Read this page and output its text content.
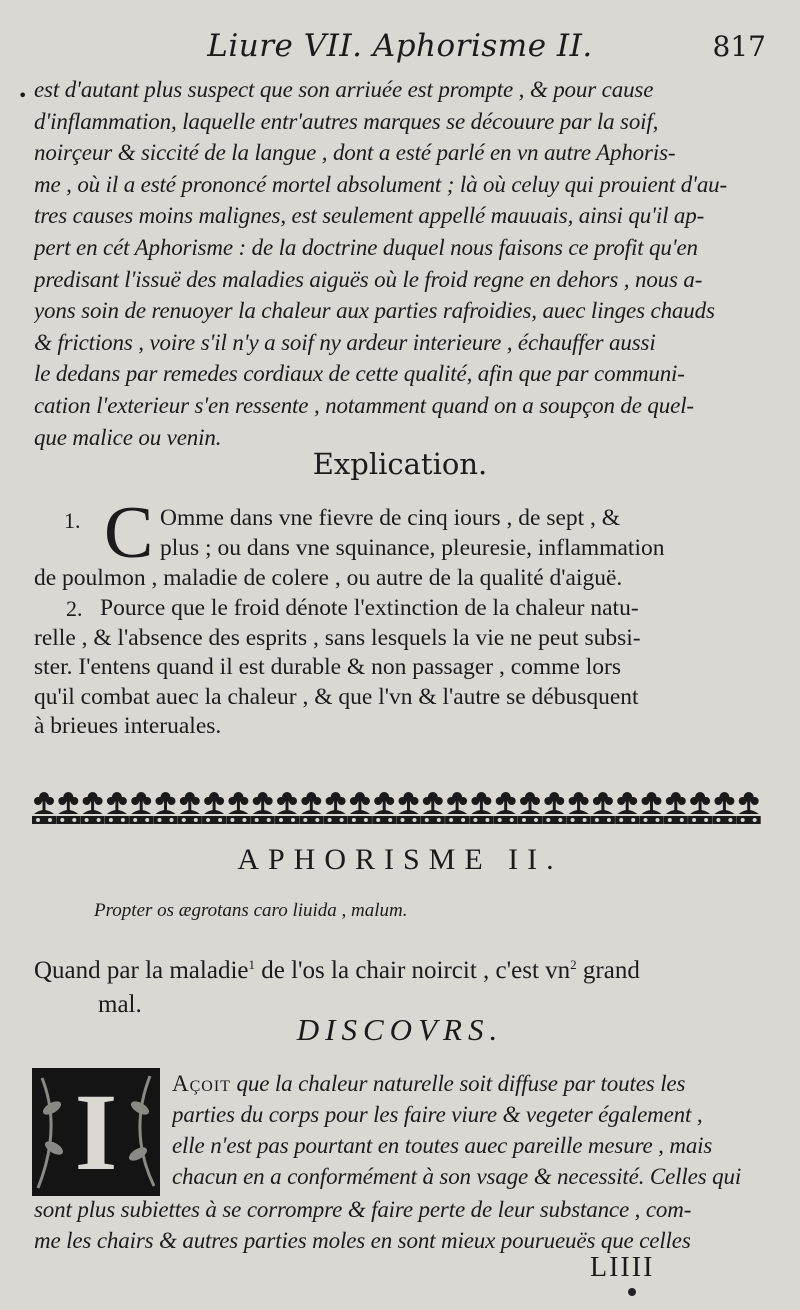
Liure VII. Aphorisme II.	817
• est d'autant plus suspect que son arriuée est prompte , & pour cause
d'inflammation, laquelle entr'autres marques se découure par la soif,
noirçeur & siccité de la langue , dont a esté parlé en vn autre Aphoris-
me , où il a esté prononcé mortel absolument ; là où celuy qui prouient d'au-
tres causes moins malignes, est seulement appellé mauuais, ainsi qu'il ap-
pert en cét Aphorisme : de la doctrine duquel nous faisons ce profit qu'en
predisant l'issuë des maladies aiguës où le froid regne en dehors , nous a-
yons soin de renuoyer la chaleur aux parties rafroidies, auec linges chauds
& frictions , voire s'il n'y a soif ny ardeur interieure , échauffer aussi
le dedans par remedes cordiaux de cette qualité, afin que par communi-
cation l'exterieur s'en ressente , notamment quand on a soupçon de quel-
que malice ou venin.
Explication.
1. C Omme dans vne fievre de cinq iours , de sept , &
plus ; ou dans vne squinance, pleuresie, inflammation
de poulmon , maladie de colere , ou autre de la qualité d'aiguë.
2. Pource que le froid dénote l'extinction de la chaleur natu-
relle , & l'absence des esprits , sans lesquels la vie ne peut subsi-
ster. I'entens quand il est durable & non passager , comme lors
qu'il combat auec la chaleur , & que l'vn & l'autre se débusquent
à brieues interuales.
APHORISME II.
Propter os ægrotans caro liuida , malum.
Quand par la maladie$^1$ de l'os la chair noircit , c'est $vn^2$ grand
mal.
DISCOVRS.
I	Açoit que la chaleur naturelle soit diffuse par toutes les
parties du corps pour les faire viure & vegeter également ,
elle n'est pas pourtant en toutes auec pareille mesure , mais
chacun en a conformément à son vsage & necessité. Celles qui
sont plus subiettes à se corrompre & faire perte de leur substance , com-
me les chairs & autres parties moles en sont mieux pourueuës que celles
LIIII
